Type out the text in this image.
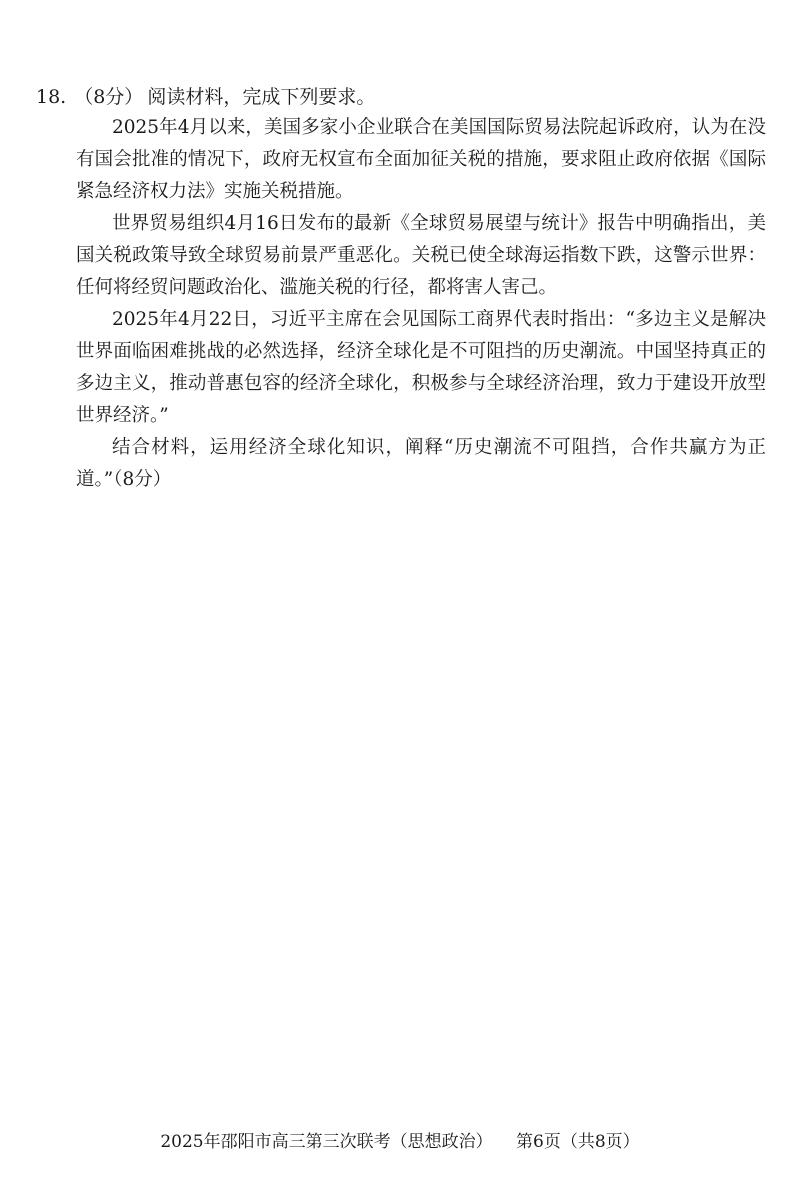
18. （8分） 阅读材料，完成下列要求。

2025年4月以来，美国多家小企业联合在美国国际贸易法院起诉政府，认为在没有国会批准的情况下，政府无权宣布全面加征关税的措施，要求阻止政府依据《国际紧急经济权力法》实施关税措施。

世界贸易组织4月16日发布的最新《全球贸易展望与统计》报告中明确指出，美国关税政策导致全球贸易前景严重恶化。关税已使全球海运指数下跌，这警示世界：任何将经贸问题政治化、滥施关税的行径，都将害人害己。

2025年4月22日，习近平主席在会见国际工商界代表时指出：“多边主义是解决世界面临困难挑战的必然选择，经济全球化是不可阻挡的历史潮流。中国坚持真正的多边主义，推动普惠包容的经济全球化，积极参与全球经济治理，致力于建设开放型世界经济。”

结合材料，运用经济全球化知识，阐释“历史潮流不可阻挡，合作共赢方为正道。”（8分）

2025年邵阳市高三第三次联考（思想政治） 第6页（共8页）
